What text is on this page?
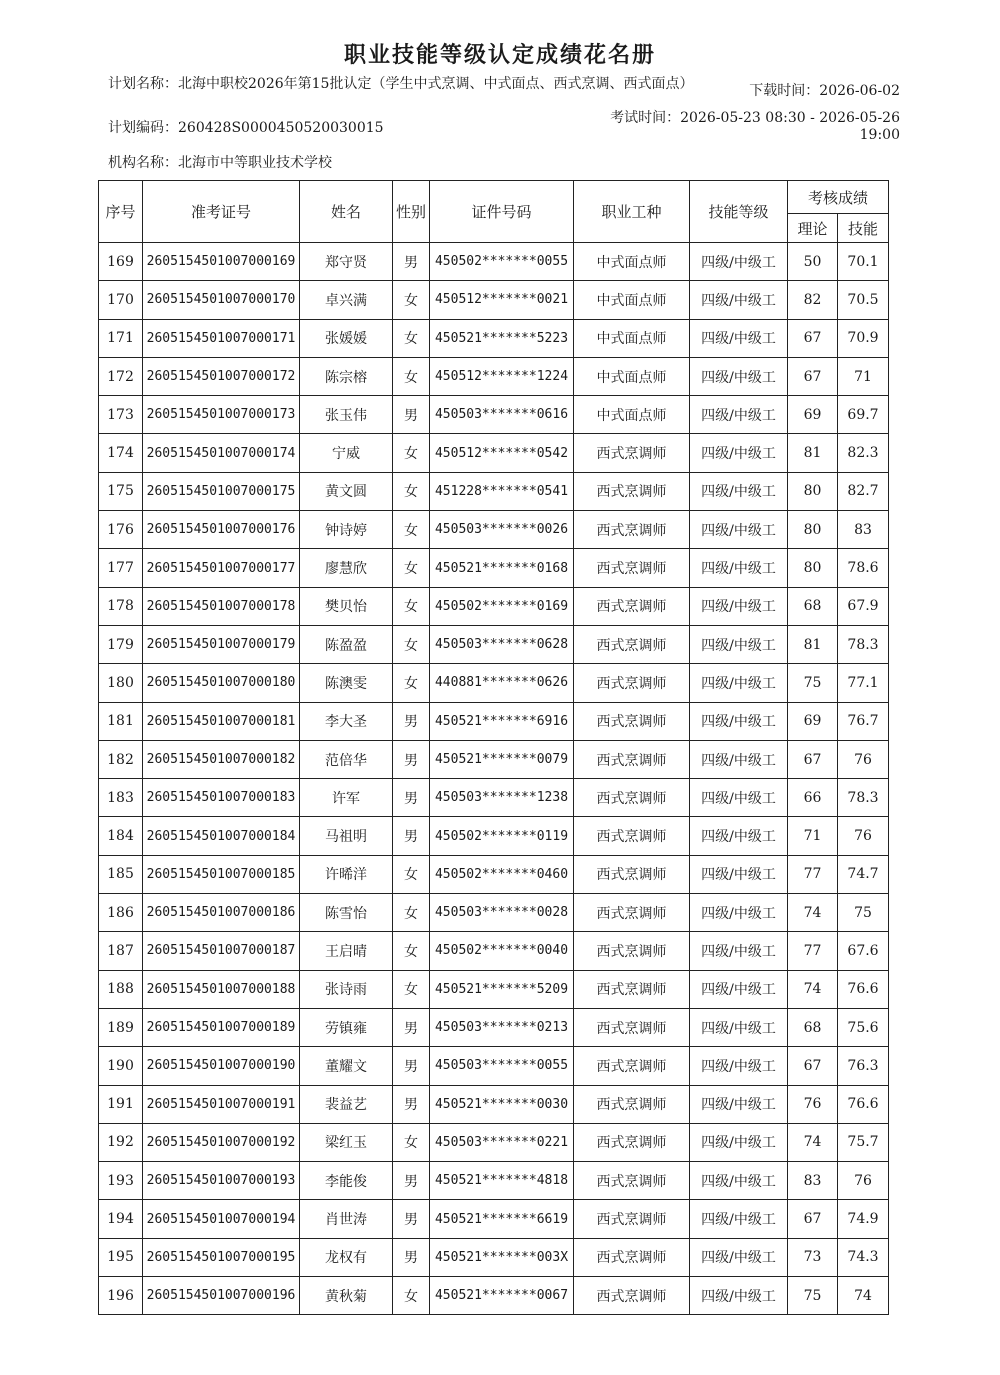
职业技能等级认定成绩花名册
计划名称：北海中职校2026年第15批认定（学生中式烹调、中式面点、西式烹调、西式面点）
计划编码：260428S0000450520030015
机构名称：北海市中等职业技术学校
下载时间：2026-06-02
考试时间：2026-05-23 08:30 - 2026-05-26 19:00
序号	准考证号	姓名	性别	证件号码	职业工种	技能等级	考核成绩	
							理论	技能
169	2605154501007000169	郑守贤	男	450502*******0055	中式面点师	四级/中级工	50	70.1
170	2605154501007000170	卓兴满	女	450512*******0021	中式面点师	四级/中级工	82	70.5
171	2605154501007000171	张媛媛	女	450521*******5223	中式面点师	四级/中级工	67	70.9
172	2605154501007000172	陈宗榕	女	450512*******1224	中式面点师	四级/中级工	67	71
173	2605154501007000173	张玉伟	男	450503*******0616	中式面点师	四级/中级工	69	69.7
174	2605154501007000174	宁威	女	450512*******0542	西式烹调师	四级/中级工	81	82.3
175	2605154501007000175	黄文圆	女	451228*******0541	西式烹调师	四级/中级工	80	82.7
176	2605154501007000176	钟诗婷	女	450503*******0026	西式烹调师	四级/中级工	80	83
177	2605154501007000177	廖慧欣	女	450521*******0168	西式烹调师	四级/中级工	80	78.6
178	2605154501007000178	樊贝怡	女	450502*******0169	西式烹调师	四级/中级工	68	67.9
179	2605154501007000179	陈盈盈	女	450503*******0628	西式烹调师	四级/中级工	81	78.3
180	2605154501007000180	陈澳雯	女	440881*******0626	西式烹调师	四级/中级工	75	77.1
181	2605154501007000181	李大圣	男	450521*******6916	西式烹调师	四级/中级工	69	76.7
182	2605154501007000182	范倍华	男	450521*******0079	西式烹调师	四级/中级工	67	76
183	2605154501007000183	许军	男	450503*******1238	西式烹调师	四级/中级工	66	78.3
184	2605154501007000184	马祖明	男	450502*******0119	西式烹调师	四级/中级工	71	76
185	2605154501007000185	许晞洋	女	450502*******0460	西式烹调师	四级/中级工	77	74.7
186	2605154501007000186	陈雪怡	女	450503*******0028	西式烹调师	四级/中级工	74	75
187	2605154501007000187	王启晴	女	450502*******0040	西式烹调师	四级/中级工	77	67.6
188	2605154501007000188	张诗雨	女	450521*******5209	西式烹调师	四级/中级工	74	76.6
189	2605154501007000189	劳镇雍	男	450503*******0213	西式烹调师	四级/中级工	68	75.6
190	2605154501007000190	董耀文	男	450503*******0055	西式烹调师	四级/中级工	67	76.3
191	2605154501007000191	裴益艺	男	450521*******0030	西式烹调师	四级/中级工	76	76.6
192	2605154501007000192	梁红玉	女	450503*******0221	西式烹调师	四级/中级工	74	75.7
193	2605154501007000193	李能俊	男	450521*******4818	西式烹调师	四级/中级工	83	76
194	2605154501007000194	肖世涛	男	450521*******6619	西式烹调师	四级/中级工	67	74.9
195	2605154501007000195	龙权有	男	450521*******003X	西式烹调师	四级/中级工	73	74.3
196	2605154501007000196	黄秋菊	女	450521*******0067	西式烹调师	四级/中级工	75	74
